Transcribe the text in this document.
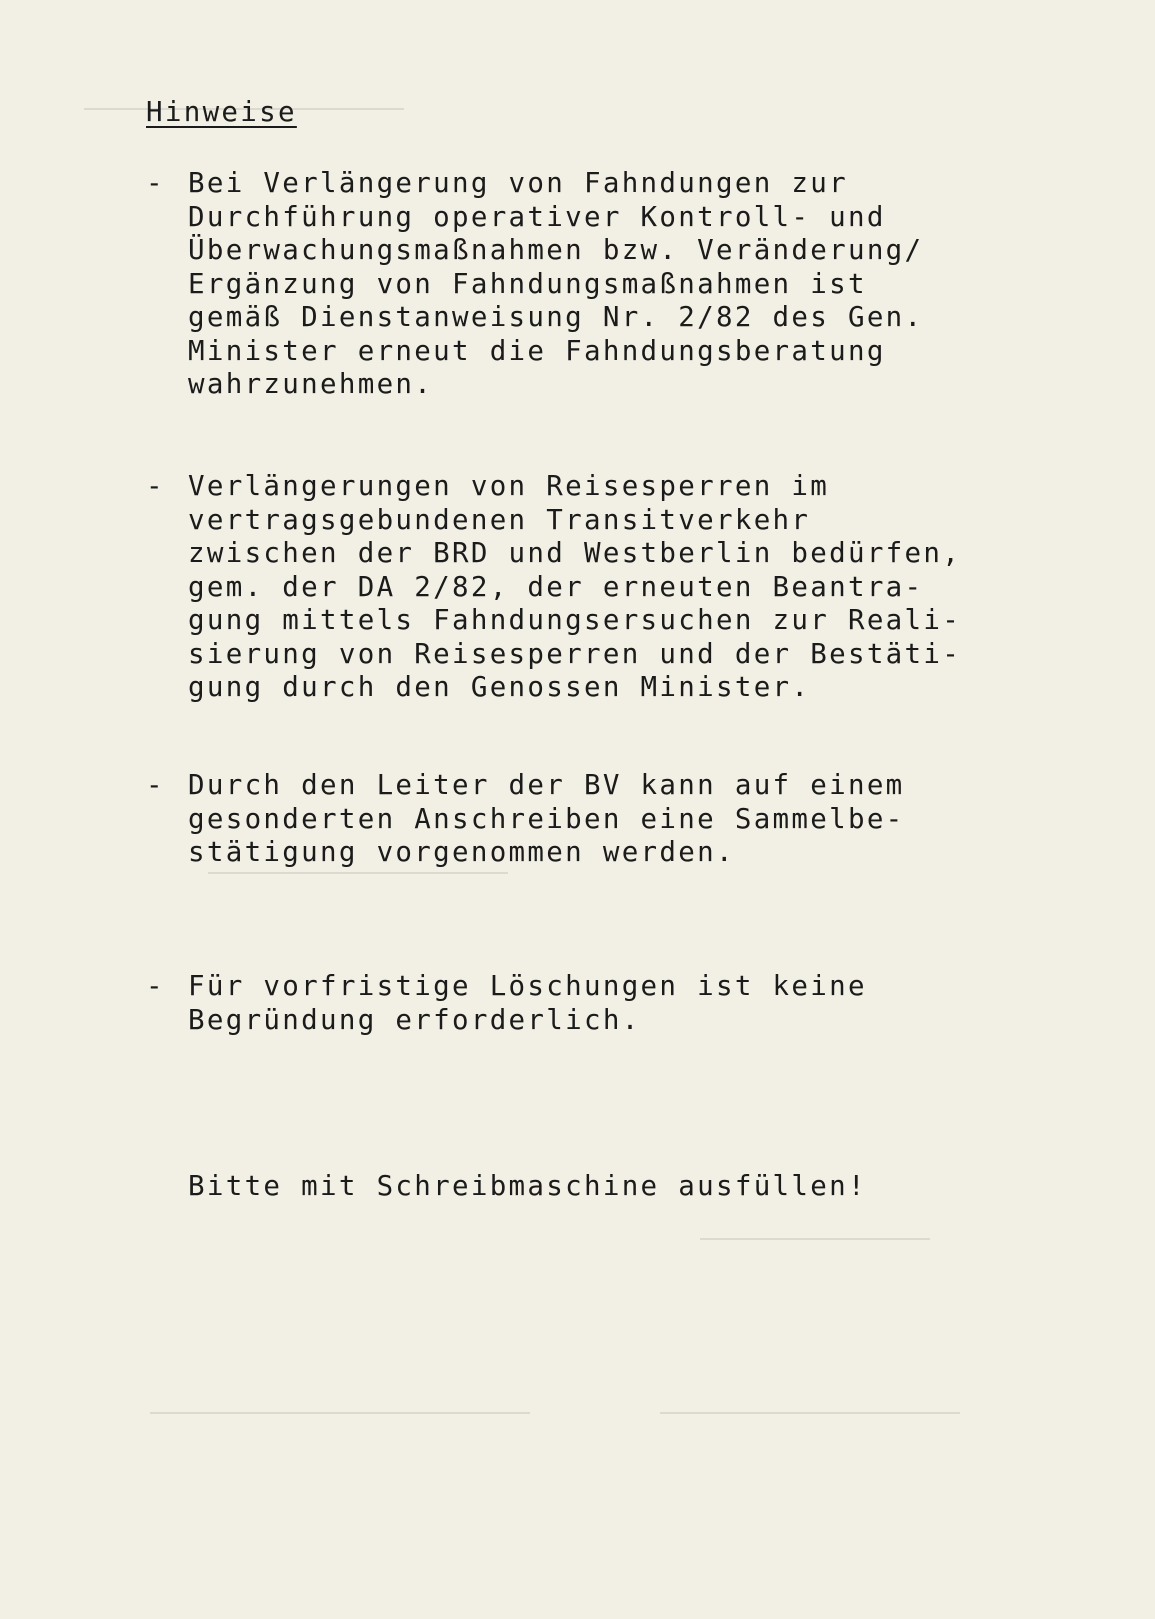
Hinweise
- Bei Verlängerung von Fahndungen zur
Durchführung operativer Kontroll- und
Überwachungsmaßnahmen bzw. Veränderung/
Ergänzung von Fahndungsmaßnahmen ist
gemäß Dienstanweisung Nr. 2/82 des Gen.
Minister erneut die Fahndungsberatung
wahrzunehmen.
- Verlängerungen von Reisesperren im
vertragsgebundenen Transitverkehr
zwischen der BRD und Westberlin bedürfen,
gem. der DA 2/82, der erneuten Beantra-
gung mittels Fahndungsersuchen zur Reali-
sierung von Reisesperren und der Bestäti-
gung durch den Genossen Minister.
- Durch den Leiter der BV kann auf einem
gesonderten Anschreiben eine Sammelbe-
stätigung vorgenommen werden.
- Für vorfristige Löschungen ist keine
Begründung erforderlich.
Bitte mit Schreibmaschine ausfüllen!
